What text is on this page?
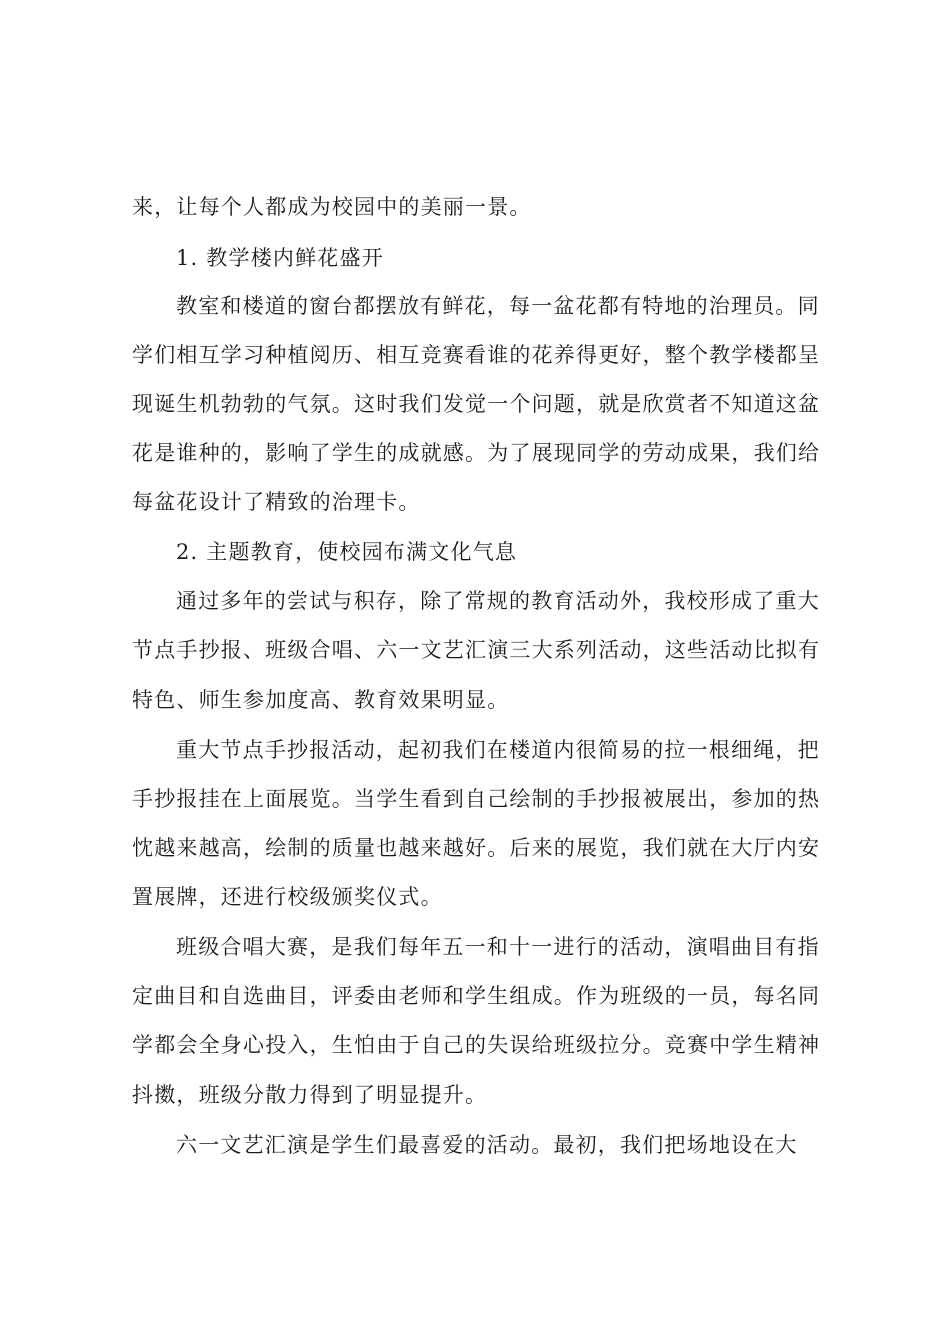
来，让每个人都成为校园中的美丽一景。
1. 教学楼内鲜花盛开
教室和楼道的窗台都摆放有鲜花，每一盆花都有特地的治理员。同
学们相互学习种植阅历、相互竞赛看谁的花养得更好，整个教学楼都呈
现诞生机勃勃的气氛。这时我们发觉一个问题，就是欣赏者不知道这盆
花是谁种的，影响了学生的成就感。为了展现同学的劳动成果，我们给
每盆花设计了精致的治理卡。
2. 主题教育，使校园布满文化气息
通过多年的尝试与积存，除了常规的教育活动外，我校形成了重大
节点手抄报、班级合唱、六一文艺汇演三大系列活动，这些活动比拟有
特色、师生参加度高、教育效果明显。
重大节点手抄报活动，起初我们在楼道内很简易的拉一根细绳，把
手抄报挂在上面展览。当学生看到自己绘制的手抄报被展出，参加的热
忱越来越高，绘制的质量也越来越好。后来的展览，我们就在大厅内安
置展牌，还进行校级颁奖仪式。
班级合唱大赛，是我们每年五一和十一进行的活动，演唱曲目有指
定曲目和自选曲目，评委由老师和学生组成。作为班级的一员，每名同
学都会全身心投入，生怕由于自己的失误给班级拉分。竞赛中学生精神
抖擞，班级分散力得到了明显提升。
六一文艺汇演是学生们最喜爱的活动。最初，我们把场地设在大
